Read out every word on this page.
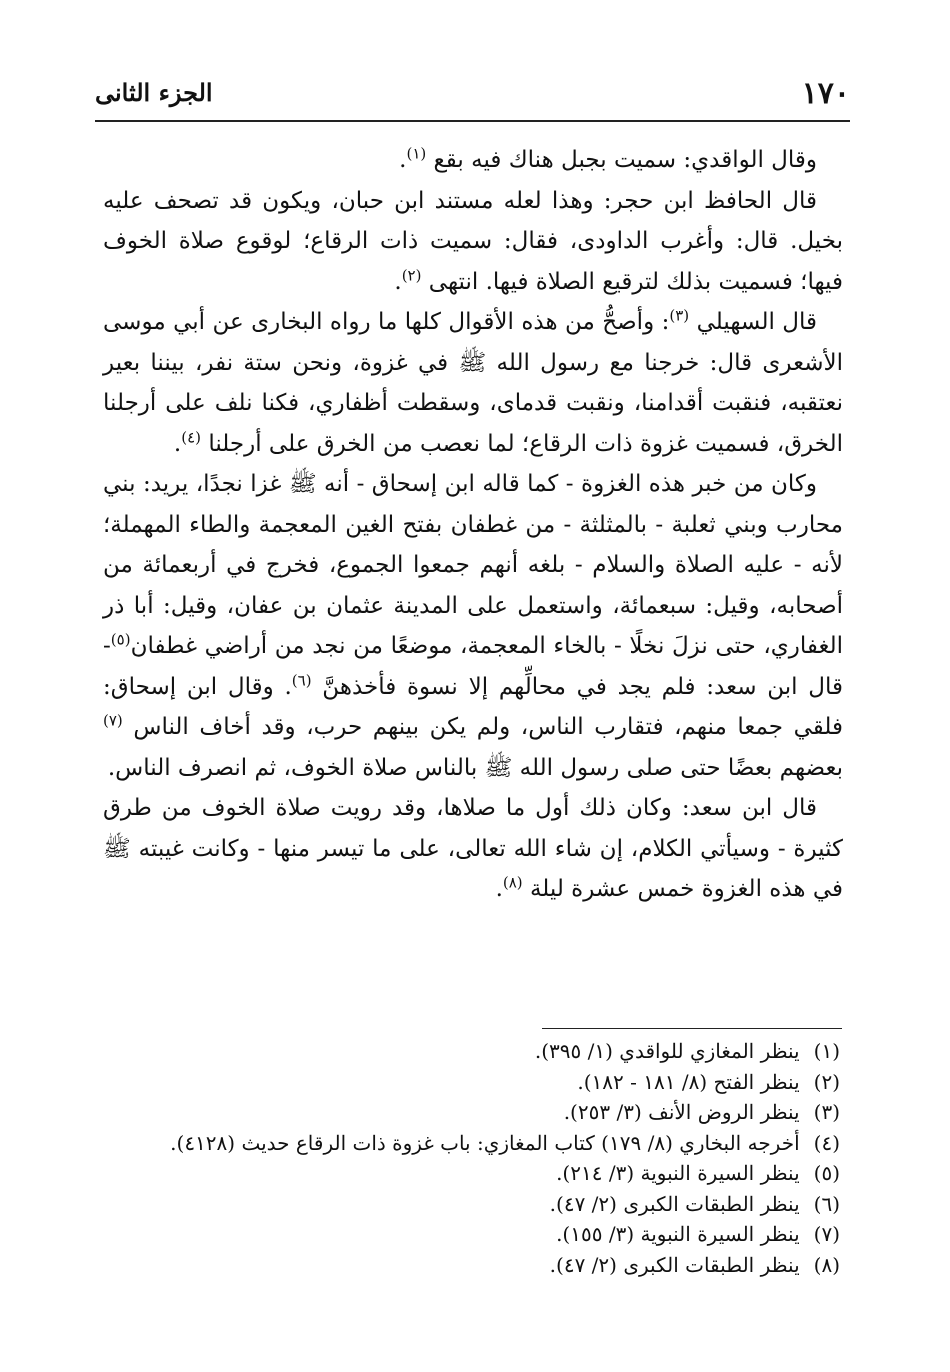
١٧٠
الجزء الثانى

وقال الواقدي: سميت بجبل هناك فيه بقع $^{(١)}$.

قال الحافظ ابن حجر: وهذا لعله مستند ابن حبان، ويكون قد تصحف عليه بخيل. قال: وأغرب الداودى، فقال: سميت ذات الرقاع؛ لوقوع صلاة الخوف فيها؛ فسميت بذلك لترقيع الصلاة فيها. انتهى $^{(٢)}$.

قال السهيلي $^{(٣)}$: وأصحُّ من هذه الأقوال كلها ما رواه البخارى عن أبي موسى الأشعرى قال: خرجنا مع رسول الله ﷺ في غزوة، ونحن ستة نفر، بيننا بعير نعتقبه، فنقبت أقدامنا، ونقبت قدماى، وسقطت أظفاري، فكنا نلف على أرجلنا الخرق، فسميت غزوة ذات الرقاع؛ لما نعصب من الخرق على أرجلنا $^{(٤)}$.

وكان من خبر هذه الغزوة - كما قاله ابن إسحاق - أنه ﷺ غزا نجدًا، يريد: بني محارب وبني ثعلبة - بالمثلثة - من غطفان بفتح الغين المعجمة والطاء المهملة؛ لأنه - عليه الصلاة والسلام - بلغه أنهم جمعوا الجموع، فخرج في أربعمائة من أصحابه، وقيل: سبعمائة، واستعمل على المدينة عثمان بن عفان، وقيل: أبا ذر الغفاري، حتى نزلَ نخلًا - بالخاء المعجمة، موضعًا من نجد من أراضي غطفان$^{(٥)}$- قال ابن سعد: فلم يجد في محالِّهم إلا نسوة فأخذهنَّ $^{(٦)}$. وقال ابن إسحاق: فلقي جمعا منهم، فتقارب الناس، ولم يكن بينهم حرب، وقد أخاف الناس $^{(٧)}$ بعضهم بعضًا حتى صلى رسول الله ﷺ بالناس صلاة الخوف، ثم انصرف الناس.

قال ابن سعد: وكان ذلك أول ما صلاها، وقد رويت صلاة الخوف من طرق كثيرة - وسيأتي الكلام، إن شاء الله تعالى، على ما تيسر منها - وكانت غيبته ﷺ في هذه الغزوة خمس عشرة ليلة $^{(٨)}$.

(١) ينظر المغازي للواقدي (١/ ٣٩٥).
(٢) ينظر الفتح (٨/ ١٨١ - ١٨٢).
(٣) ينظر الروض الأنف (٣/ ٢٥٣).
(٤) أخرجه البخاري (٨/ ١٧٩) كتاب المغازي: باب غزوة ذات الرقاع حديث (٤١٢٨).
(٥) ينظر السيرة النبوية (٣/ ٢١٤).
(٦) ينظر الطبقات الكبرى (٢/ ٤٧).
(٧) ينظر السيرة النبوية (٣/ ١٥٥).
(٨) ينظر الطبقات الكبرى (٢/ ٤٧).
